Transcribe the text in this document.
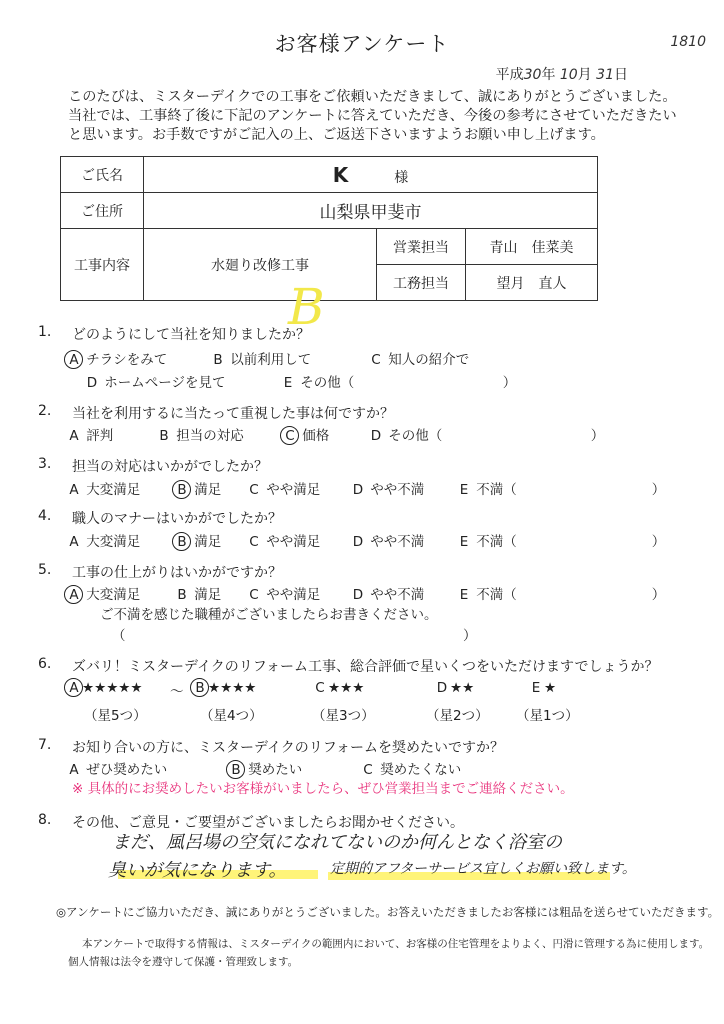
お客様アンケート	1810
平成30年 10月 31日
このたびは、ミスターデイクでの工事をご依頼いただきまして、誠にありがとうございました。
当社では、工事終了後に下記のアンケートに答えていただき、今後の参考にさせていただきたい
と思います。お手数ですがご記入の上、ご返送下さいますようお願い申し上げます。
ご氏名	K 様		
ご住所	山梨県甲斐市		
工事内容	水廻り改修工事	営業担当	青山　佳菜美
		工務担当	望月　直人
B
1. どのようにして当社を知りましたか？
A チラシをみて	B 以前利用して	C 知人の紹介で
D ホームページを見て	E その他（　　　　　　　　　　　）
2. 当社を利用するに当たって重視した事は何ですか？
A 評判	B 担当の対応	C 価格	D その他（　　　　　　　　　　　）
3. 担当の対応はいかがでしたか？
A 大変満足	B 満足 C やや満足 D やや不満	E 不満（　　　　　　　　　　）
4. 職人のマナーはいかがでしたか？
A 大変満足	B 満足 C やや満足 D やや不満	E 不満（　　　　　　　　　　）
5. 工事の仕上がりはいかがですか？
A 大変満足	B 満足 C やや満足 D やや不満	E 不満（　　　　　　　　　　）
ご不満を感じた職種がございましたらお書きください。
（　　　　　　　　　　　　　　　　　　　　　　　　　）
6. ズバリ！ミスターデイクのリフォーム工事、総合評価で星いくつをいただけますでしょうか？
A ★★★★★ 〜 B ★★★★	C ★★★	D ★★	E ★
（星5つ）	（星4つ）	（星3つ）	（星2つ） （星1つ）
7. お知り合いの方に、ミスターデイクのリフォームを奨めたいですか？
A ぜひ奨めたい	B 奨めたい	C 奨めたくない
※ 具体的にお奨めしたいお客様がいましたら、ぜひ営業担当までご連絡ください。
8. その他、ご意見・ご要望がございましたらお聞かせください。
まだ、風呂場の空気になれてないのか何んとなく浴室の
臭いが気になります。	定期的アフターサービス宜しくお願い致します。
◎アンケートにご協力いただき、誠にありがとうございました。お答えいただきましたお客様には粗品を送らせていただきます。
本アンケートで取得する情報は、ミスターデイクの範囲内において、お客様の住宅管理をよりよく、円滑に管理する為に使用します。
個人情報は法令を遵守して保護・管理致します。
